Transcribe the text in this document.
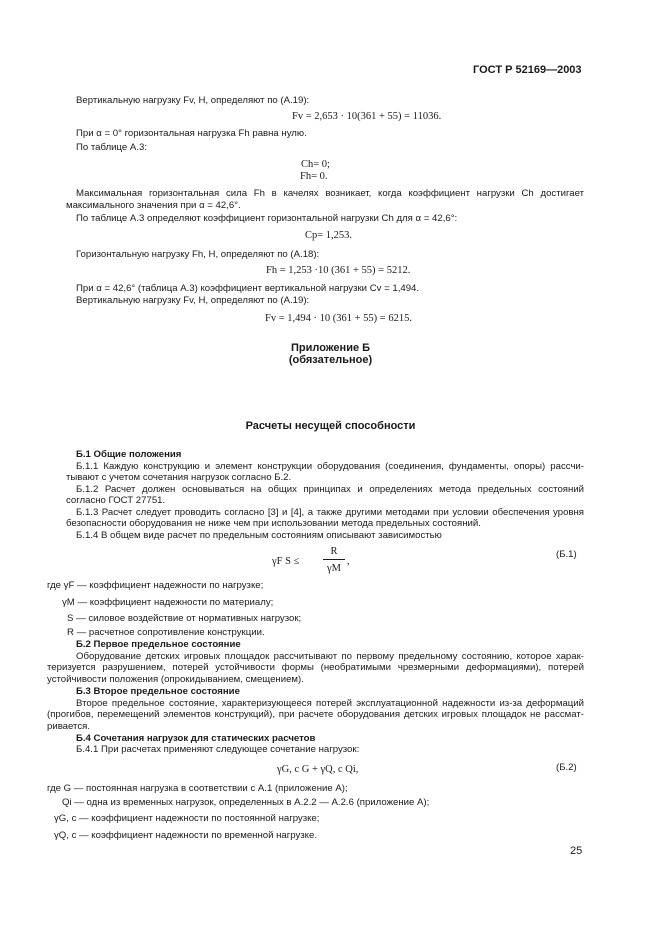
ГОСТ Р 52169—2003
Вертикальную нагрузку Fv, Н, определяют по (А.19):
Fv = 2,653 · 10(361 + 55) = 11036.
При α = 0° горизонтальная нагрузка Fh равна нулю.
По таблице А.3:
Ch= 0;
Fh= 0.
Максимальная горизонтальная сила Fh в качелях возникает, когда коэффициент нагрузки Ch достигает
максимального значения при α = 42,6°.
По таблице А.3 определяют коэффициент горизонтальной нагрузки Ch для α = 42,6°:
Cp= 1,253.
Горизонтальную нагрузку Fh, Н, определяют по (А.18):
Fh = 1,253 ·10 (361 + 55) = 5212.
При α = 42,6° (таблица А.3) коэффициент вертикальной нагрузки Cv = 1,494.
Вертикальную нагрузку Fv, Н, определяют по (А.19):
Fv = 1,494 · 10 (361 + 55) = 6215.
Приложение Б
(обязательное)
Расчеты несущей способности
Б.1 Общие положения
Б.1.1 Каждую конструкцию и элемент конструкции оборудования (соединения, фундаменты, опоры) рассчи-
тывают с учетом сочетания нагрузок согласно Б.2.
Б.1.2 Расчет должен основываться на общих принципах и определениях метода предельных состояний
согласно ГОСТ 27751.
Б.1.3 Расчет следует проводить согласно [3] и [4], а также другими методами при условии обеспечения уровня
безопасности оборудования не ниже чем при использовании метода предельных состояний.
Б.1.4 В общем виде расчет по предельным состояниям описывают зависимостью
γF S ≤
R
γM
,
(Б.1)
где γF — коэффициент надежности по нагрузке;
γM — коэффициент надежности по материалу;
S — силовое воздействие от нормативных нагрузок;
R — расчетное сопротивление конструкции.
Б.2 Первое предельное состояние
Оборудование детских игровых площадок рассчитывают по первому предельному состоянию, которое харак-
теризуется разрушением, потерей устойчивости формы (необратимыми чрезмерными деформациями), потерей
устойчивости положения (опрокидыванием, смещением).
Б.3 Второе предельное состояние
Второе предельное состояние, характеризующееся потерей эксплуатационной надежности из-за деформаций
(прогибов, перемещений элементов конструкций), при расчете оборудования детских игровых площадок не рассмат-
ривается.
Б.4 Сочетания нагрузок для статических расчетов
Б.4.1 При расчетах применяют следующее сочетание нагрузок:
γG, c G + γQ, c Qi,	(Б.2)
где G — постоянная нагрузка в соответствии с А.1 (приложение А);
Qi — одна из временных нагрузок, определенных в А.2.2 — А.2.6 (приложение А);
γG, c — коэффициент надежности по постоянной нагрузке;
γQ, c — коэффициент надежности по временной нагрузке.
25
